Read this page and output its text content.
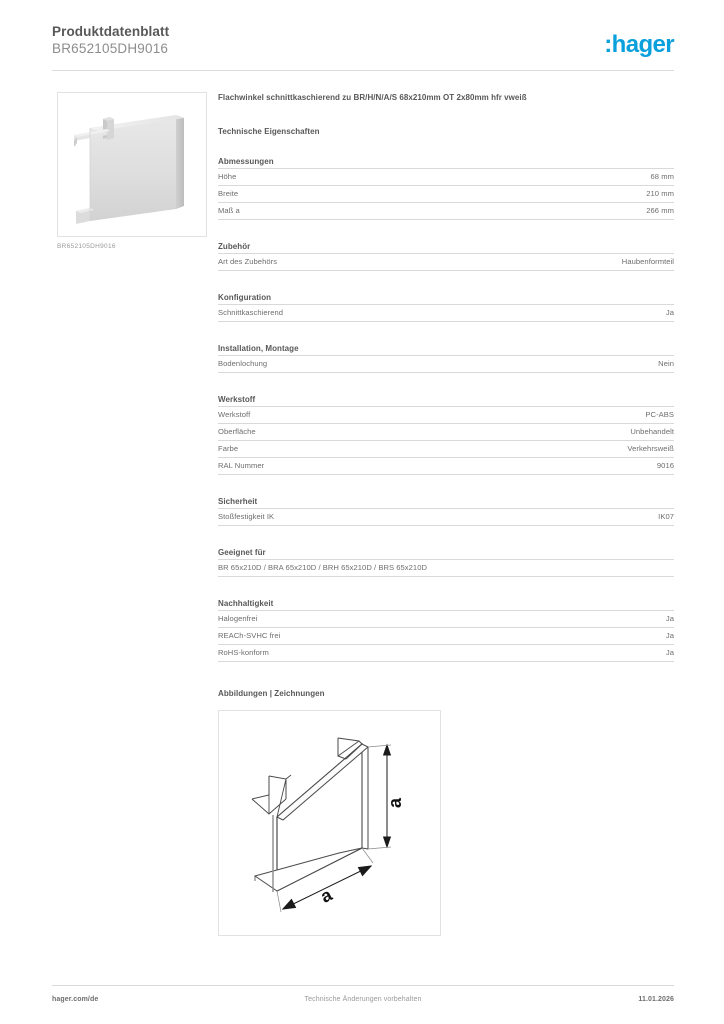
Produktdatenblatt
BR652105DH9016	:hager
BR652105DH9016
Flachwinkel schnittkaschierend zu BR/H/N/A/S 68x210mm OT 2x80mm hfr vweiß
Technische Eigenschaften
Abmessungen
Höhe	68 mm
Breite	210 mm
Maß a	266 mm
Zubehör
Art des Zubehörs	Haubenformteil
Konfiguration
Schnittkaschierend	Ja
Installation, Montage
Bodenlochung	Nein
Werkstoff
Werkstoff	PC-ABS
Oberfläche	Unbehandelt
Farbe	Verkehrsweiß
RAL Nummer	9016
Sicherheit
Stoßfestigkeit IK	IK07
Geeignet für
BR 65x210D / BRA 65x210D / BRH 65x210D / BRS 65x210D
Nachhaltigkeit
Halogenfrei	Ja
REACh-SVHC frei	Ja
RoHS-konform	Ja
Abbildungen | Zeichnungen
a
a
Technische Änderungen vorbehalten
hager.com/de	11.01.2026
